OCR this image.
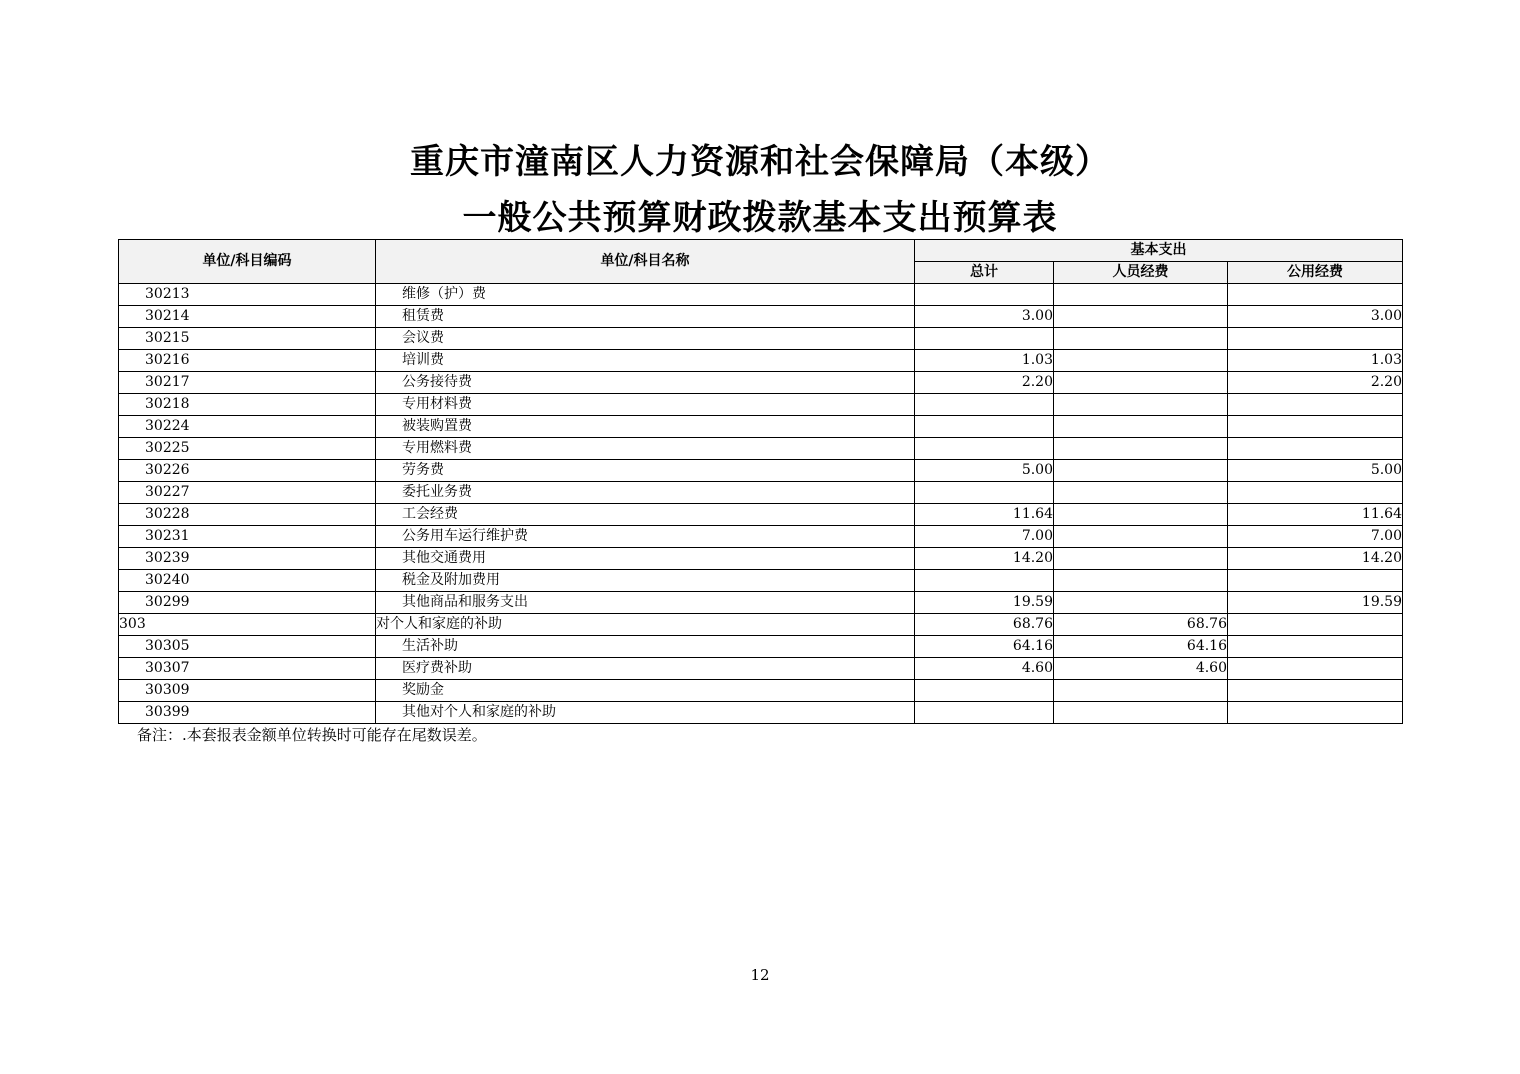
重庆市潼南区人力资源和社会保障局（本级）
一般公共预算财政拨款基本支出预算表
单位/科目编码	单位/科目名称	基本支出		
		总计	人员经费	公用经费
30213	维修（护）费			
30214	租赁费	3.00		3.00
30215	会议费			
30216	培训费	1.03		1.03
30217	公务接待费	2.20		2.20
30218	专用材料费			
30224	被装购置费			
30225	专用燃料费			
30226	劳务费	5.00		5.00
30227	委托业务费			
30228	工会经费	11.64		11.64
30231	公务用车运行维护费	7.00		7.00
30239	其他交通费用	14.20		14.20
30240	税金及附加费用			
30299	其他商品和服务支出	19.59		19.59
303	对个人和家庭的补助	68.76	68.76	
30305	生活补助	64.16	64.16	
30307	医疗费补助	4.60	4.60	
30309	奖励金			
30399	其他对个人和家庭的补助			
备注：.本套报表金额单位转换时可能存在尾数误差。
12
